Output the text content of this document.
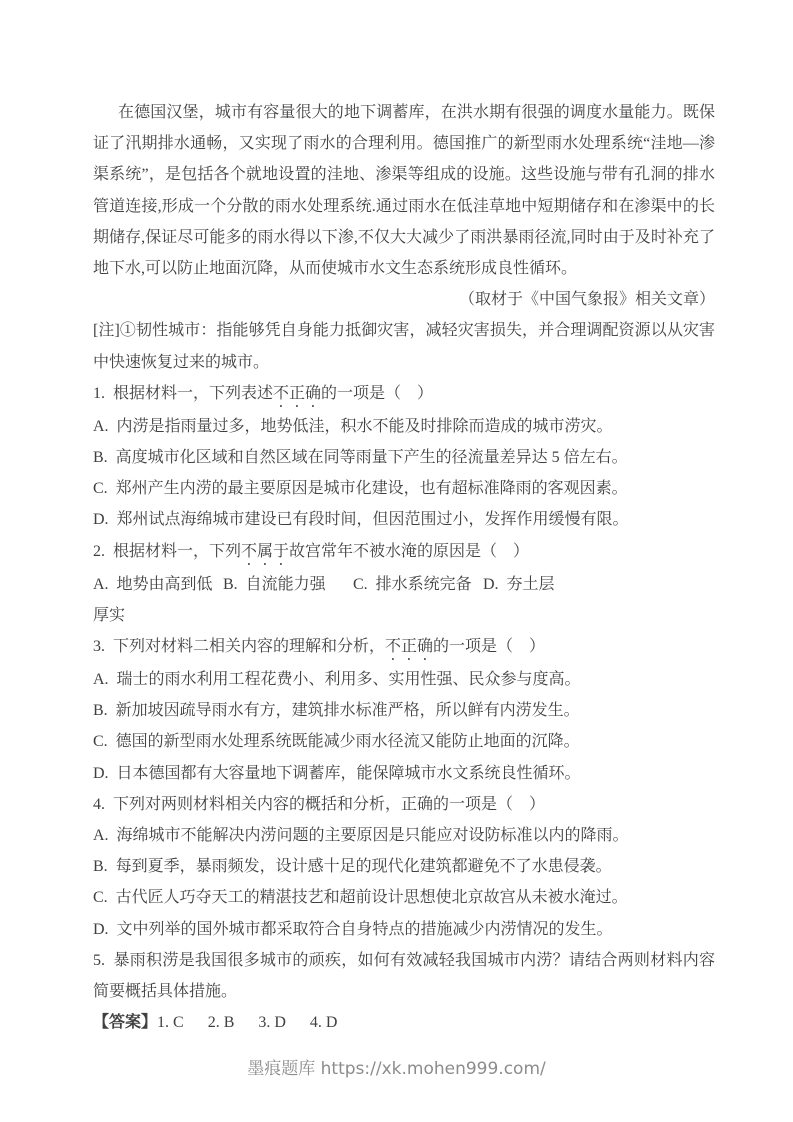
在德国汉堡，城市有容量很大的地下调蓄库，在洪水期有很强的调度水量能力。既保证了汛期排水通畅，又实现了雨水的合理利用。德国推广的新型雨水处理系统“洼地—渗渠系统”，是包括各个就地设置的洼地、渗渠等组成的设施。这些设施与带有孔洞的排水管道连接,形成一个分散的雨水处理系统.通过雨水在低洼草地中短期储存和在渗渠中的长期储存,保证尽可能多的雨水得以下渗,不仅大大减少了雨洪暴雨径流,同时由于及时补充了地下水,可以防止地面沉降，从而使城市水文生态系统形成良性循环。

（取材于《中国气象报》相关文章）

[注]①韧性城市：指能够凭自身能力抵御灾害，减轻灾害损失，并合理调配资源以从灾害中快速恢复过来的城市。

1.  根据材料一，下列表述不正确的一项是（    ）

A.  内涝是指雨量过多，地势低洼，积水不能及时排除而造成的城市涝灾。

B.  高度城市化区域和自然区域在同等雨量下产生的径流量差异达 5 倍左右。

C.  郑州产生内涝的最主要原因是城市化建设，也有超标准降雨的客观因素。

D.  郑州试点海绵城市建设已有段时间，但因范围过小，发挥作用缓慢有限。

2.  根据材料一，下列不属于故宫常年不被水淹的原因是（    ）

A.  地势由高到低 B.  自流能力强 C.  排水系统完备 D.  夯土层

厚实

3.  下列对材料二相关内容的理解和分析，不正确的一项是（    ）

A.  瑞士的雨水利用工程花费小、利用多、实用性强、民众参与度高。

B.  新加坡因疏导雨水有方，建筑排水标准严格，所以鲜有内涝发生。

C.  德国的新型雨水处理系统既能减少雨水径流又能防止地面的沉降。

D.  日本德国都有大容量地下调蓄库，能保障城市水文系统良性循环。

4.  下列对两则材料相关内容的概括和分析，正确的一项是（    ）

A.  海绵城市不能解决内涝问题的主要原因是只能应对设防标准以内的降雨。

B.  每到夏季，暴雨频发，设计感十足的现代化建筑都避免不了水患侵袭。

C.  古代匠人巧夺天工的精湛技艺和超前设计思想使北京故宫从未被水淹过。

D.  文中列举的国外城市都采取符合自身特点的措施减少内涝情况的发生。

5.  暴雨积涝是我国很多城市的顽疾，如何有效减轻我国城市内涝？请结合两则材料内容简要概括具体措施。

【答案】1. C      2. B      3. D      4. D

墨痕题库 https://xk.mohen999.com/
